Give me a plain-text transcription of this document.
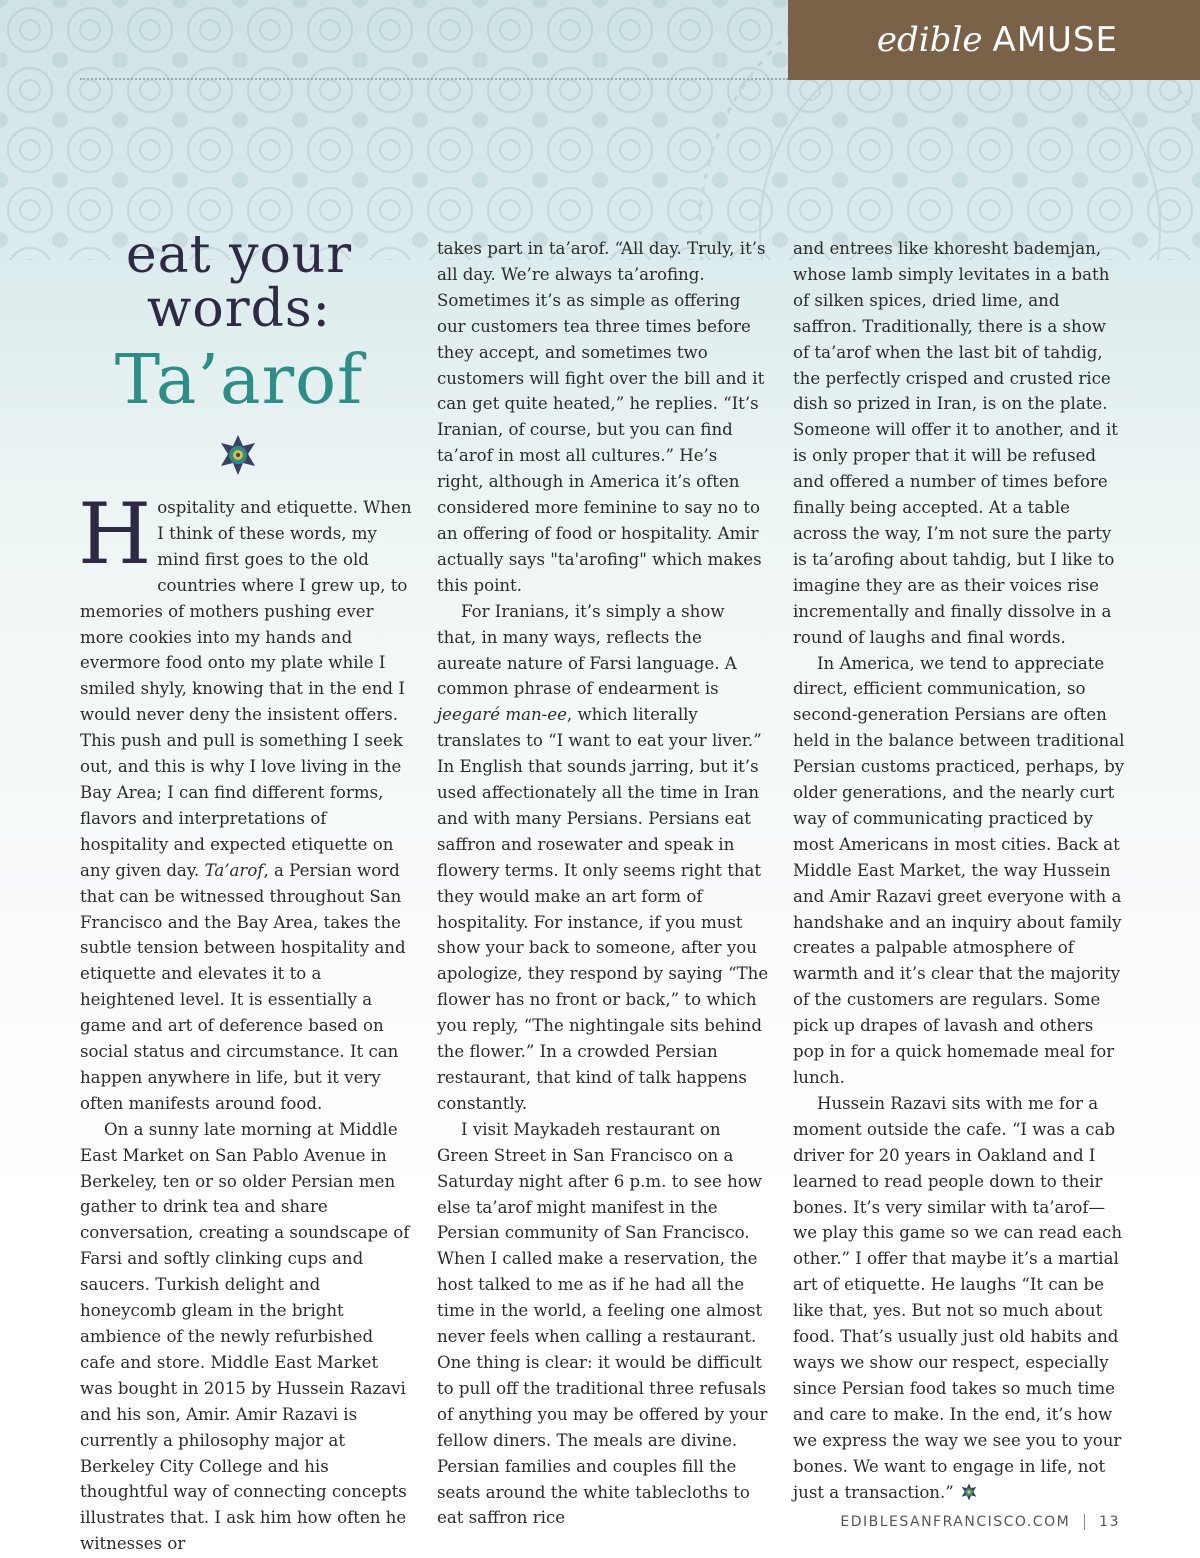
edible AMUSE
eat your
words:
Ta’arof

Hospitality and etiquette. When I think of these words, my mind first goes to the old countries where I grew up, to memories of mothers pushing ever more cookies into my hands and evermore food onto my plate while I smiled shyly, knowing that in the end I would never deny the insistent offers. This push and pull is something I seek out, and this is why I love living in the Bay Area; I can find different forms, flavors and interpretations of hospitality and expected etiquette on any given day. Ta’arof, a Persian word that can be witnessed throughout San Francisco and the Bay Area, takes the subtle tension between hospitality and etiquette and elevates it to a heightened level. It is essentially a game and art of deference based on social status and circumstance. It can happen anywhere in life, but it very often manifests around food.

On a sunny late morning at Middle East Market on San Pablo Avenue in Berkeley, ten or so older Persian men gather to drink tea and share conversation, creating a soundscape of Farsi and softly clinking cups and saucers. Turkish delight and honeycomb gleam in the bright ambience of the newly refurbished cafe and store. Middle East Market was bought in 2015 by Hussein Razavi and his son, Amir. Amir Razavi is currently a philosophy major at Berkeley City College and his thoughtful way of connecting concepts illustrates that. I ask him how often he witnesses or

takes part in ta’arof. “All day. Truly, it’s all day. We’re always ta’arofing. Sometimes it’s as simple as offering our customers tea three times before they accept, and sometimes two customers will fight over the bill and it can get quite heated,” he replies. “It’s Iranian, of course, but you can find ta’arof in most all cultures.” He’s right, although in America it’s often considered more feminine to say no to an offering of food or hospitality. Amir actually says "ta'arofing" which makes this point.

For Iranians, it’s simply a show that, in many ways, reflects the aureate nature of Farsi language. A common phrase of endearment is jeegaré man-ee, which literally translates to “I want to eat your liver.” In English that sounds jarring, but it’s used affectionately all the time in Iran and with many Persians. Persians eat saffron and rosewater and speak in flowery terms. It only seems right that they would make an art form of hospitality. For instance, if you must show your back to someone, after you apologize, they respond by saying “The flower has no front or back,” to which you reply, “The nightingale sits behind the flower.” In a crowded Persian restaurant, that kind of talk happens constantly.

I visit Maykadeh restaurant on Green Street in San Francisco on a Saturday night after 6 p.m. to see how else ta’arof might manifest in the Persian community of San Francisco. When I called make a reservation, the host talked to me as if he had all the time in the world, a feeling one almost never feels when calling a restaurant. One thing is clear: it would be difficult to pull off the traditional three refusals of anything you may be offered by your fellow diners. The meals are divine. Persian families and couples fill the seats around the white tablecloths to eat saffron rice

and entrees like khoresht bademjan, whose lamb simply levitates in a bath of silken spices, dried lime, and saffron. Traditionally, there is a show of ta’arof when the last bit of tahdig, the perfectly crisped and crusted rice dish so prized in Iran, is on the plate. Someone will offer it to another, and it is only proper that it will be refused and offered a number of times before finally being accepted. At a table across the way, I’m not sure the party is ta’arofing about tahdig, but I like to imagine they are as their voices rise incrementally and finally dissolve in a round of laughs and final words.

In America, we tend to appreciate direct, efficient communication, so second-generation Persians are often held in the balance between traditional Persian customs practiced, perhaps, by older generations, and the nearly curt way of communicating practiced by most Americans in most cities. Back at Middle East Market, the way Hussein and Amir Razavi greet everyone with a handshake and an inquiry about family creates a palpable atmosphere of warmth and it’s clear that the majority of the customers are regulars. Some pick up drapes of lavash and others pop in for a quick homemade meal for lunch.

Hussein Razavi sits with me for a moment outside the cafe. “I was a cab driver for 20 years in Oakland and I learned to read people down to their bones. It’s very similar with ta’arof—we play this game so we can read each other.” I offer that maybe it’s a martial art of etiquette. He laughs “It can be like that, yes. But not so much about food. That’s usually just old habits and ways we show our respect, especially since Persian food takes so much time and care to make. In the end, it’s how we express the way we see you to your bones. We want to engage in life, not just a transaction.”

EDIBLESANFRANCISCO.COM 13
